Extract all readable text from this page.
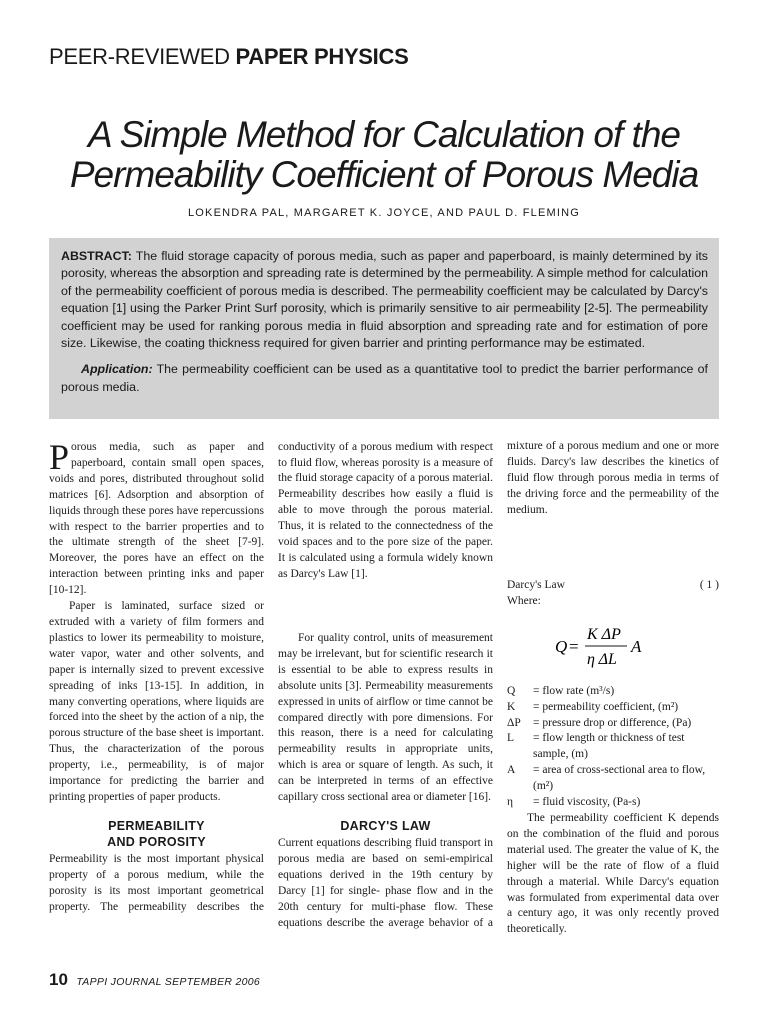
PEER-REVIEWED PAPER PHYSICS
A Simple Method for Calculation of the
Permeability Coefficient of Porous Media
LOKENDRA PAL, MARGARET K. JOYCE, AND PAUL D. FLEMING

ABSTRACT: The fluid storage capacity of porous media, such as paper and paperboard, is mainly determined by its porosity, whereas the absorption and spreading rate is determined by the permeability. A simple method for calculation of the permeability coefficient of porous media is described. The permeability coefficient may be calculated by Darcy's equation [1] using the Parker Print Surf porosity, which is primarily sensitive to air permeability [2-5]. The permeability coefficient may be used for ranking porous media in fluid absorption and spreading rate and for estimation of pore size. Likewise, the coating thickness required for given barrier and printing performance may be estimated.

Application: The permeability coefficient can be used as a quantitative tool to predict the barrier performance of porous media.

Porous media, such as paper and paperboard, contain small open spaces, voids and pores, distributed throughout solid matrices [6]. Adsorption and absorption of liquids through these pores have repercussions with respect to the barrier properties and to the ultimate strength of the sheet [7-9]. Moreover, the pores have an effect on the interaction between printing inks and paper [10-12].

Paper is laminated, surface sized or extruded with a variety of film formers and plastics to lower its permeability to moisture, water vapor, water and other solvents, and paper is internally sized to prevent excessive spreading of inks [13-15]. In addition, in many converting operations, where liquids are forced into the sheet by the action of a nip, the porous structure of the base sheet is important. Thus, the characterization of the porous property, i.e., permeability, is of major importance for predicting the barrier and printing properties of paper products.

PERMEABILITY
AND POROSITY

Permeability is the most important physical property of a porous medium, while the porosity is its most important geometrical property. The permeability describes the

conductivity of a porous medium with respect to fluid flow, whereas porosity is a measure of the fluid storage capacity of a porous material. Permeability describes how easily a fluid is able to move through the porous material. Thus, it is related to the connectedness of the void spaces and to the pore size of the paper. It is calculated using a formula widely known as Darcy's Law [1].

For quality control, units of measurement may be irrelevant, but for scientific research it is essential to be able to express results in absolute units [3]. Permeability measurements expressed in units of airflow or time cannot be compared directly with pore dimensions. For this reason, there is a need for calculating permeability results in appropriate units, which is area or square of length. As such, it can be interpreted in terms of an effective capillary cross sectional area or diameter [16].

DARCY'S LAW

Current equations describing fluid transport in porous media are based on semi-empirical equations derived in the 19th century by Darcy [1] for single- phase flow and in the 20th century for multi-phase flow. These equations describe the average behavior of a

mixture of a porous medium and one or more fluids. Darcy's law describes the kinetics of fluid flow through porous media in terms of the driving force and the permeability of the medium.

Darcy's Law	( 1 )
Where:
Q =
K ΔP
η ΔL
A
Q	= flow rate (m³/s)
K	= permeability coefficient, (m²)
ΔP	= pressure drop or difference, (Pa)
L	= flow length or thickness of test sample, (m)
A	= area of cross-sectional area to flow, (m²)
η	= fluid viscosity, (Pa-s)

The permeability coefficient K depends on the combination of the fluid and porous material used. The greater the value of K, the higher will be the rate of flow of a fluid through a material. While Darcy's equation was formulated from experimental data over a century ago, it was only recently proved theoretically.

10 TAPPI JOURNAL SEPTEMBER 2006
